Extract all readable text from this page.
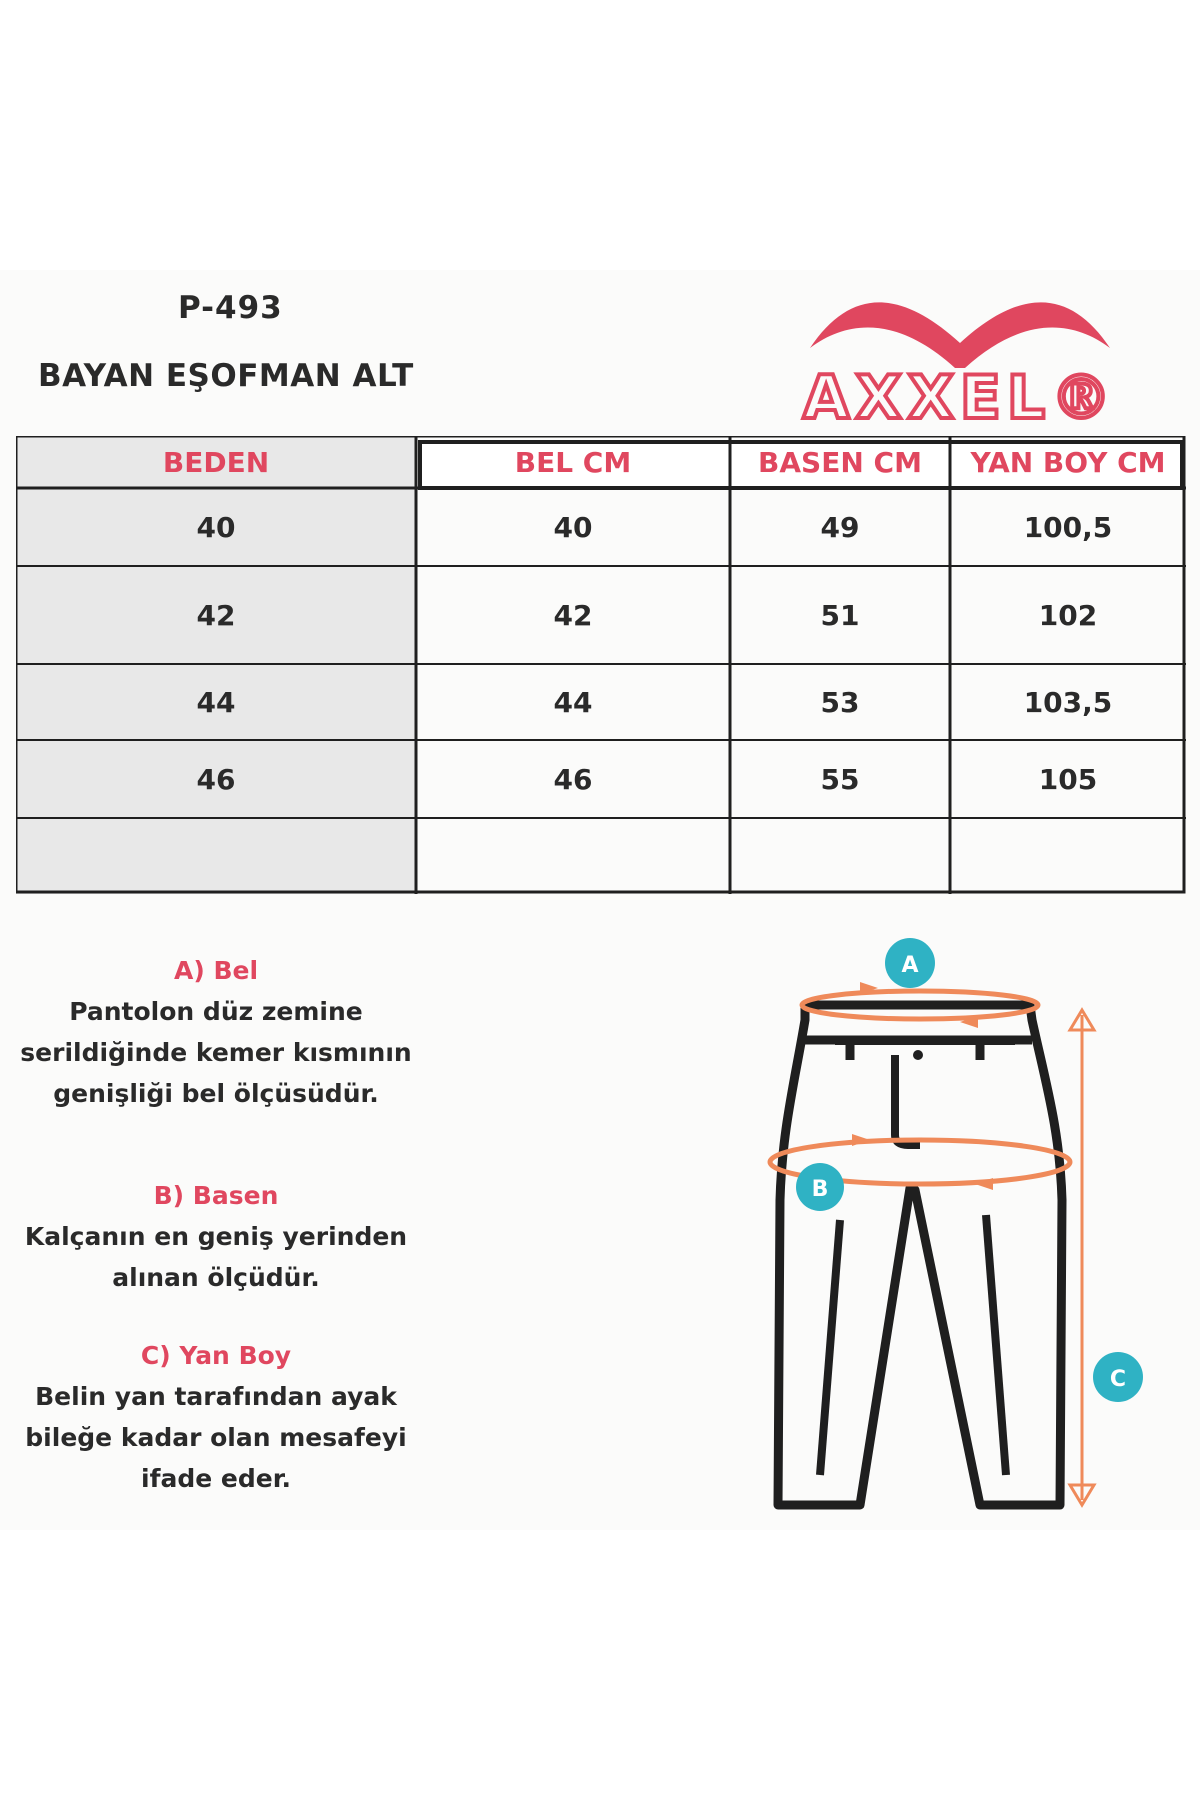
P-493
BAYAN EŞOFMAN ALT	AXXEL®
BEDEN	BEL CM	BASEN CM	YAN BOY CM
40	40	49	100,5
42	42	51	102
44	44	53	103,5
46	46	55	105
A) Bel
Pantolon düz zemine
serildiğinde kemer kısmının
genişliği bel ölçüsüdür.
B) Basen
Kalçanın en geniş yerinden
alınan ölçüdür.
C) Yan Boy
Belin yan tarafından ayak
bileğe kadar olan mesafeyi
ifade eder.
A
B
C
